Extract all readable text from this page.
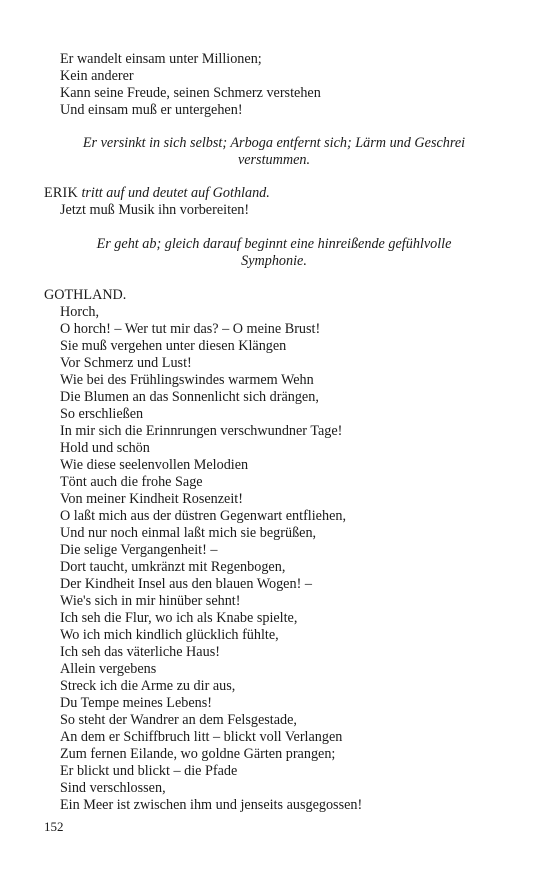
Er wandelt einsam unter Millionen;
Kein anderer
Kann seine Freude, seinen Schmerz verstehen
Und einsam muß er untergehen!
Er versinkt in sich selbst; Arboga entfernt sich; Lärm und Geschrei
verstummen.
ERIK tritt auf und deutet auf Gothland.
Jetzt muß Musik ihn vorbereiten!
Er geht ab; gleich darauf beginnt eine hinreißende gefühlvolle
Symphonie.
GOTHLAND.
Horch,
O horch! – Wer tut mir das? – O meine Brust!
Sie muß vergehen unter diesen Klängen
Vor Schmerz und Lust!
Wie bei des Frühlingswindes warmem Wehn
Die Blumen an das Sonnenlicht sich drängen,
So erschließen
In mir sich die Erinnrungen verschwundner Tage!
Hold und schön
Wie diese seelenvollen Melodien
Tönt auch die frohe Sage
Von meiner Kindheit Rosenzeit!
O laßt mich aus der düstren Gegenwart entfliehen,
Und nur noch einmal laßt mich sie begrüßen,
Die selige Vergangenheit! –
Dort taucht, umkränzt mit Regenbogen,
Der Kindheit Insel aus den blauen Wogen! –
Wie's sich in mir hinüber sehnt!
Ich seh die Flur, wo ich als Knabe spielte,
Wo ich mich kindlich glücklich fühlte,
Ich seh das väterliche Haus!
Allein vergebens
Streck ich die Arme zu dir aus,
Du Tempe meines Lebens!
So steht der Wandrer an dem Felsgestade,
An dem er Schiffbruch litt – blickt voll Verlangen
Zum fernen Eilande, wo goldne Gärten prangen;
Er blickt und blickt – die Pfade
Sind verschlossen,
Ein Meer ist zwischen ihm und jenseits ausgegossen!
152
